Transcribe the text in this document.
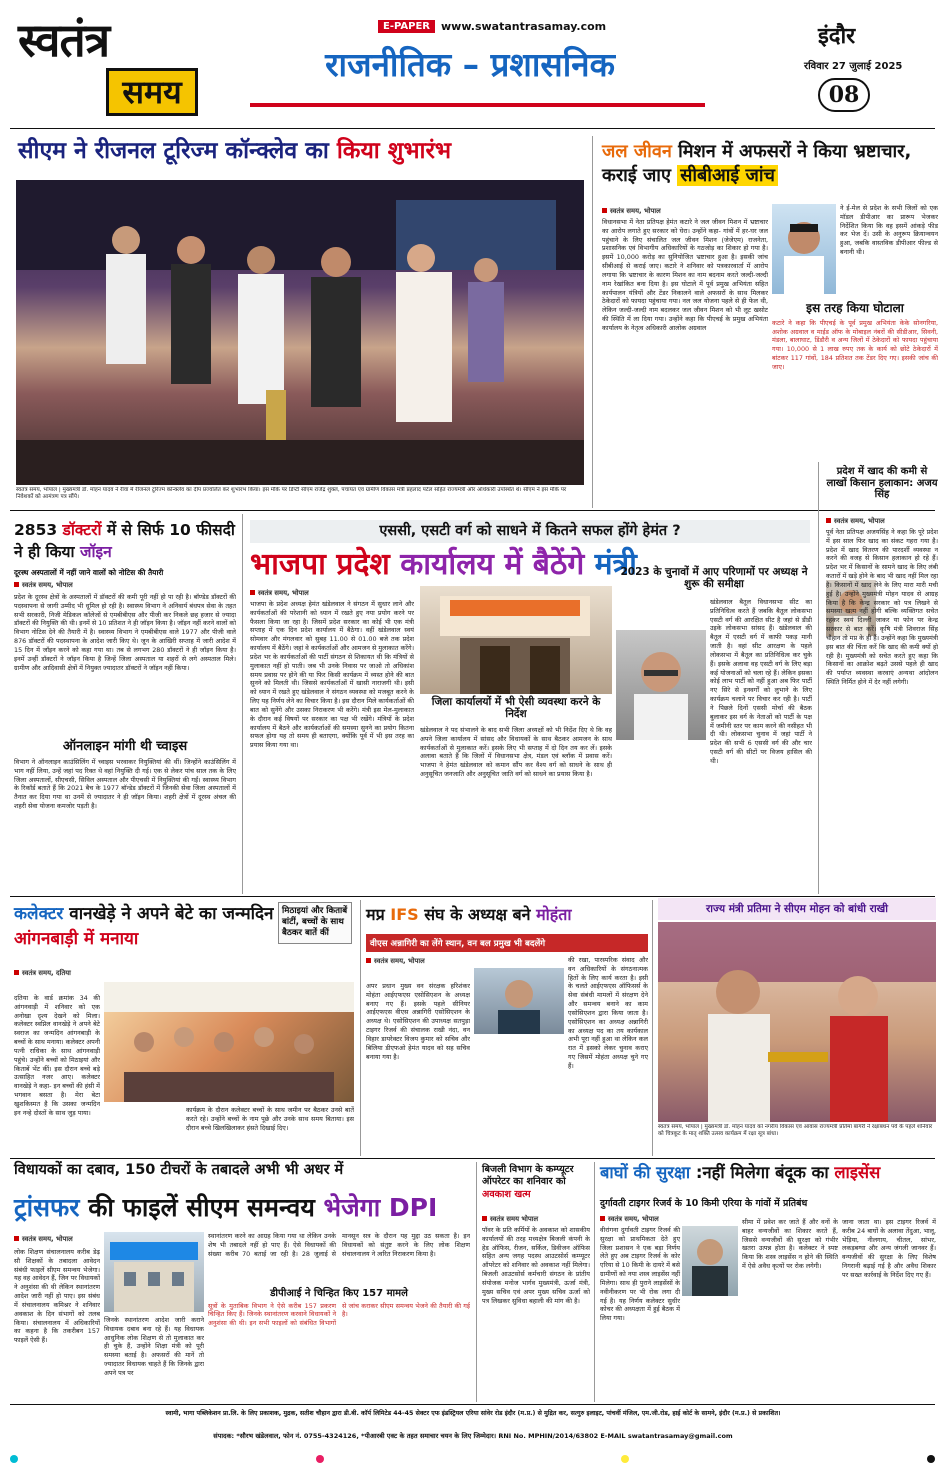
स्वतंत्र
समय
E-PAPER	www.swatantrasamay.com
राजनीतिक – प्रशासनिक
इंदौर
रविवार 27 जुलाई 2025
08
सीएम ने रीजनल टूरिज्म कॉन्क्लेव का किया शुभारंभ
स्वतंत्र समय, भोपाल | मुख्यमंत्री डॉ. मोहन यादव ने रीवा में रीजनल टूरिज्म कॉन्क्लेव का दीप प्रज्वलित कर शुभारंभ किया। इस मौके पर डिप्टी सीएम राजेंद्र शुक्ल, पंचायत एवं ग्रामीण विकास मंत्री प्रहलाद पटेल सहित राज्यमंत्री और अधिकारी उपस्थित थे। सीएम ने इस मौके पर निवेशकों को आमंत्रण पत्र सौंपे।
जल जीवन मिशन में अफसरों ने किया भ्रष्टाचार, कराई जाए सीबीआई जांच
स्वतंत्र समय, भोपाल
विधानसभा में नेता प्रतिपक्ष हेमंत कटारे ने जल जीवन मिशन में भ्रष्टाचार का आरोप लगाते हुए सरकार को घेरा। उन्होंने कहा- गांवों में हर-घर जल पहुंचाने के लिए संचालित जल जीवन मिशन (जेजेएम) राजनेता, प्रशासनिक एवं विभागीय अधिकारियों के गठजोड़ का शिकार हो गया है। इसमें 10,000 करोड़ का सुनियोजित भ्रष्टाचार हुआ है। इसकी जांच सीबीआई से कराई जाए। कटारे ने शनिवार को पत्रकारवार्ता में आरोप लगाया कि भ्रष्टाचार के कारण मिशन का नाम बदनाम करते जल्दी-जल्दी नाम रेखांकित बना दिया है। इस घोटाले में पूर्व प्रमुख अभियंता सहित कार्यपालन यंत्रियों और टेंडर निकालने वाले अफसरों के साथ मिलकर ठेकेदारों को फायदा पहुंचाया गया। नल जल योजना पहले से ही फेल थी, लेकिन जल्दी-जल्दी नाम बदलकर जल जीवन मिशन को भी लूट खसोट की स्थिति में ला दिया गया। उन्होंने कहा कि पीएचई के प्रमुख अभियंता कार्यालय के नेतृत्व अधिकारी आलोक अग्रवाल
ने ई-मेल से प्रदेश के सभी जिलों को एक मॉडल डीपीआर का प्रारूप भेजकर निर्देशित किया कि वह इसमें आंकड़े फीड कर भेज दें। उसी के अनुरूप क्रियान्वयन हुआ, जबकि वास्तविक डीपीआर फील्ड से बनानी थी।
इस तरह किया घोटाला
कटारे ने कहा कि पीएचई के पूर्व प्रमुख अभियंता केके सोनगरिया, अशोक अग्रवाल व माईड ऑफ के मोबाइल नंबरों की सीडीआर, सिवनी, मंडला, बालाघाट, डिंडौरी व अन्य जिलों में ठेकेदारों को फायदा पहुंचाया गया। 10,000 से 1 लाख रुपए तक के कार्य को छोटे ठेकेदारों में बांटकर 117 गांवों, 184 प्रतिशत तक टेंडर दिए गए। इसकी जांच की जाए।
2853 डॉक्टरों में से सिर्फ 10 फीसदी ने ही किया जॉइन
दूरस्थ अस्पतालों में नहीं जाने वालों को नोटिस की तैयारी
स्वतंत्र समय, भोपाल
प्रदेश के दूरस्थ क्षेत्रों के अस्पतालों में डॉक्टरों की कमी पूरी नहीं हो पा रही है। बॉण्डेड डॉक्टरों की पदस्थापना से जागी उम्मीद भी धूमिल हो रही है। स्वास्थ्य विभाग ने अनिवार्य बंधपत्र सेवा के तहत सभी सरकारी, निजी मेडिकल कॉलेजों से एमबीबीएस और पीजी कर निकले छह हजार से ज्यादा डॉक्टरों की नियुक्ति की थी। इनमें से 10 प्रतिशत ने ही जॉइन किया है। जॉइन नहीं करने वालों को विभाग नोटिस देने की तैयारी में है। स्वास्थ्य विभाग ने एमबीबीएस वाले 1977 और पीजी वाले 876 डॉक्टरों की पदस्थापना के आदेश जारी किए थे। जून के आखिरी सप्ताह में जारी आदेश में 15 दिन में जॉइन करने को कहा गया था। तब से लगभग 280 डॉक्टरों ने ही जॉइन किया है। इनमें उन्हीं डॉक्टरों ने जॉइन किया है जिन्हें जिला अस्पताल या शहरों से लगे अस्पताल मिले। ग्रामीण और आदिवासी क्षेत्रों में नियुक्त ज्यादातर डॉक्टरों ने जॉइन नहीं किया।
ऑनलाइन मांगी थी च्वाइस
विभाग ने ऑनलाइन काउंसिलिंग में च्वाइस भरवाकर नियुक्तियां की थीं। जिन्होंने काउंसिलिंग में भाग नहीं लिया, उन्हें जहां पद रिक्त थे वहां नियुक्ति दी गई। एक से लेकर पांच साल तक के लिए जिला अस्पतालों, सीएचसी, सिविल अस्पताल और पीएचसी में नियुक्तियां की गईं। स्वास्थ्य विभाग के रिकॉर्ड बताते हैं कि 2021 बैच के 1977 बॉन्डेड डॉक्टरों में जिनकी सेवा जिला अस्पतालों में तैनात कर दिया गया था उनमें से ज्यादातर ने ही जॉइन किया। शहरी क्षेत्रों में दूरस्थ अंचल की शहरी सेवा योजना कमजोर पड़ती है।
एससी, एसटी वर्ग को साधने में कितने सफल होंगे हेमंत ?
भाजपा प्रदेश कार्यालय में बैठेंगे मंत्री
स्वतंत्र समय, भोपाल
भाजपा के प्रदेश अध्यक्ष हेमंत खंडेलवाल ने संगठन में सुधार लाने और कार्यकर्ताओं की परेशानी को ध्यान में रखते हुए नया प्रयोग करने पर फैसला किया जा रहा है। जिसमें प्रदेश सरकार का कोई भी एक मंत्री सप्ताह में एक दिन प्रदेश कार्यालय में बैठेगा। वहीं खंडेलवाल स्वयं सोमवार और मंगलवार को सुबह 11.00 से 01.00 बजे तक प्रदेश कार्यालय में बैठेंगे। जहां वे कार्यकर्ताओं और आमजन से मुलाकात करेंगे। प्रदेश भर के कार्यकर्ताओं की पार्टी संगठन से शिकायत थी कि मंत्रियों से मुलाकात नहीं हो पाती। जब भी उनके निवास पर जाओ तो अधिकांश समय प्रवास पर होने की या फिर किसी कार्यक्रम में व्यस्त होने की बात सुनने को मिलती थी। जिससे कार्यकर्ताओं में खासी नाराजगी थी। इसी को ध्यान में रखते हुए खंडेलवाल ने संगठन व्यवस्था को मजबूत करने के लिए यह निर्णय लेने का विचार किया है। इस दौरान मिले कार्यकर्ताओं की बात को सुनेंगे और उसका निराकरण भी करेंगे। मंत्री इस मेल-मुलाकात के दौरान कई विषयों पर सरकार का पक्ष भी रखेंगे। मंत्रियों के प्रदेश कार्यालय में बैठने और कार्यकर्ताओं की समस्या सुनने का प्रयोग कितना सफल होगा यह तो समय ही बताएगा, क्योंकि पूर्व में भी इस तरह का प्रयास किया गया था।
जिला कार्यालयों में भी ऐसी व्यवस्था करने के निर्देश
खंडेलवाल ने पद संभालने के बाद सभी जिला अध्यक्षों को भी निर्देश दिए थे कि वह अपने जिला कार्यालय में सांसद और विधायकों के साथ बैठकर आमजन के साथ कार्यकर्ताओं से मुलाकात करें। इसके लिए भी सप्ताह में दो दिन तय कर लें। इसके अलावा बताते हैं कि जिलों में विधानसभा क्षेत्र, मंडल एवं ब्लॉक में प्रवास करें। भाजपा ने हेमंत खंडेलवाल को कमान सौंप कर वैश्य वर्ग को साधने के साथ ही अनुसूचित जनजाति और अनुसूचित जाति वर्ग को साधने का प्रयास किया है।
2023 के चुनावों में आए परिणामों पर अध्यक्ष ने शुरू की समीक्षा
खंडेलवाल बैतूल विधानसभा सीट का प्रतिनिधित्व करते हैं जबकि बैतूल लोकसभा एसटी वर्ग की आरक्षित सीट है जहां से डीडी उइके लोकसभा सांसद हैं। खंडेलवाल की बैतूल में एसटी वर्ग में काफी पकड़ मानी जाती है। वहां सीट आरक्षण के पहले लोकसभा में बैतूल का प्रतिनिधित्व कर चुके हैं। इसके अलावा वह एसटी वर्ग के लिए बड़ा कई योजनाओं को चला रहे हैं। लेकिन इसका कोई लाभ पार्टी को नहीं हुआ अब फिर पार्टी नए सिरे से इनवर्गों को लुभाने के लिए कार्यक्रम चलाने पर विचार कर रही है। पार्टी ने पिछले दिनों एससी मोर्चा की बैठक बुलाकर इस वर्ग के नेताओं को पार्टी के पक्ष में जमीनी स्तर पर काम करने की नसीहत भी दी थी। लोकसभा चुनाव में जहां पार्टी ने प्रदेश की सभी 6 एससी वर्ग की और चार एसटी वर्ग की सीटों पर विजय हासिल की थी।
प्रदेश में खाद की कमी से लाखों किसान हलाकान: अजय सिंह
स्वतंत्र समय, भोपाल
पूर्व नेता प्रतिपक्ष अजयसिंह ने कहा कि पूरे प्रदेश में इस साल फिर खाद का संकट गहरा गया है। प्रदेश में खाद वितरण की पारदर्शी व्यवस्था न करने की वजह से किसान हलाकान हो रहे हैं। प्रदेश भर में किसानों के सामने खाद के लिए लंबी कतारों में खड़े होने के बाद भी खाद नहीं मिल रहा है। किसानों में खाद लेने के लिए मारा मारी मची हुई है। उन्होंने मुख्यमंत्री मोहन यादव से आग्रह किया है कि केन्द्र सरकार को पत्र लिखने से समस्या खत्म नहीं होगी बल्कि व्यक्तिगत सचेत रहकर स्वयं दिल्ली जाकर या फोन पर केन्द्र सरकार से बात करें। कृषि मंत्री शिवराज सिंह चौहान तो मप्र के ही हैं। उन्होंने कहा कि मुख्यमंत्री इस बात की चिंता करें कि खाद की कमी क्यों हो रही है। मुख्यमंत्री को सचेत करते हुए कहा कि किसानों का आक्रोश बढ़ते उससे पहले ही खाद की पर्याप्त व्यवस्था करवाएं अन्यथा आंदोलन स्थिति निर्मित होने में देर नहीं लगेगी।
कलेक्टर वानखेड़े ने अपने बेटे का जन्मदिन आंगनबाड़ी में मनाया
मिठाइयां और किताबें बांटीं, बच्चों के साथ बैठकर बातें कीं
स्वतंत्र समय, दतिया
दतिया के वार्ड क्रमांक 34 की आंगनवाड़ी में शनिवार को एक अनोखा दृश्य देखने को मिला। कलेक्टर स्वप्निल वानखेड़े ने अपने बेटे स्वराज का जन्मदिन आंगनबाड़ी के बच्चों के साथ मनाया। कलेक्टर अपनी पत्नी राधिका के साथ आंगनवाड़ी पहुंचे। उन्होंने बच्चों को मिठाइयां और किताबें भेंट कीं। इस दौरान बच्चे बड़े उत्साहित नजर आए। कलेक्टर वानखेड़े ने कहा- इन बच्चों की हंसी में भगवान बसता है। मेरा बेटा खुशकिस्मत है कि उसका जन्मदिन इन नन्हे दोस्तों के साथ जुड़ पाया।	कार्यक्रम के दौरान कलेक्टर बच्चों के साथ जमीन पर बैठकर उनसे बातें करते रहे। उन्होंने बच्चों के नाम पूछे और उनके साथ समय बिताया। इस दौरान बच्चे खिलखिलाकर हंसते दिखाई दिए।
मप्र IFS संघ के अध्यक्ष बने मोहंता
वीएस अन्नागिरी का लेंगे स्थान, वन बल प्रमुख भी बदलेंगे
स्वतंत्र समय, भोपाल
अपर प्रधान मुख्य वन संरक्षक हरिशंकर मोहंता आईएफएस एसोसिएशन के अध्यक्ष बनाए गए हैं। इसके पहले सीनियर आईएफएस वीएस अन्नागिरी एसोसिएशन के अध्यक्ष थे। एसोसिएशन की उपाध्यक्ष सतपुड़ा टाइगर रिजर्व की संचालक राखी नंदा, वन विहार डायरेक्टर विजय कुमार को सचिव और बिलिया डीएफओ हेमंत यादव को सह सचिव बनाया गया है।
की रखा, पारस्परिक संवाद और वन अधिकारियों के संगठनात्मक हितों के लिए कार्य करता है। इसी के चलते आईएफएस ऑफिसर्स के सेवा संबंधी मामलों में संरक्षण देने और समन्वय बनाने का काम एसोसिएशन द्वारा किया जाता है। एसोसिएशन का अध्यक्ष अन्नागिरी का अध्यक्ष पद का तय कार्यकाल अभी पूरा नहीं हुआ था लेकिन कल रात में इसको लेकर चुनाव कराए गए जिसमें मोहंता अध्यक्ष चुने गए हैं।
राज्य मंत्री प्रतिमा ने सीएम मोहन को बांधी राखी
स्वतंत्र समय, भोपाल | मुख्यमंत्री डॉ. मोहन यादव को नगरीय विकास एवं आवास राज्यमंत्री प्रतिमा बागरी ने रक्षाबंधन पर्व के पहले शनिवार को चित्रकूट के मातृ शक्ति उत्सव कार्यक्रम में रक्षा सूत्र बांधा।
विधायकों का दबाव, 150 टीचरों के तबादले अभी भी अधर में
ट्रांसफर की फाइलें सीएम समन्वय भेजेगा DPI
स्वतंत्र समय, भोपाल
लोक शिक्षण संचालनालय करीब डेढ़ सौ शिक्षकों के तबादला आवेदन संबंधी फाइलें सीएम समन्वय भेजेगा। यह वह आवेदन हैं, जिन पर विधायकों ने अनुशंसा की थी लेकिन स्थानांतरण आदेश जारी नहीं हो पाए। इस संबंध में संचालनालय कमिश्नर ने शनिवार अवकाश के दिन संभागों को तलब किया। संचालनालय में अधिकारियों का कहना है कि तकरीबन 157 फाइलें ऐसी हैं।
जिनके स्थानांतरण आदेश जारी कराने विधायक दबाव बना रहे हैं। यह विधायक आधुनिक लोक शिक्षण से तो मुलाकात कर ही चुके हैं, उन्होंने शिक्षा मंत्री को पूरी समस्या बताई है। अफसरों की मानें तो ज्यादातर विधायक चाहते हैं कि जिनके द्वारा अपने पत्र पर
स्थानांतरण करने का आग्रह किया गया था लेकिन उनके शेष भी तबादले नहीं हो पाए हैं। ऐसे विधायकों की संख्या करीब 70 बताई जा रही है। 28 जुलाई से मानसून सत्र के दौरान यह मुद्दा उठ सकता है। इन विधायकों को संतुष्ट करने के लिए लोक शिक्षण संचालनालय ने त्वरित निराकरण किया है।
डीपीआई ने चिन्हित किए 157 मामले
सूत्रों के मुताबिक विभाग ने ऐसे करीब 157 प्रकरण चिन्हित किए हैं। जिनके स्थानांतरण करवाने विधायकों ने अनुशंसा की थी। इन सभी फाइलों को संबंधित विभागों से जांच कराकर सीएम समन्वय भेजने की तैयारी की गई है।
बिजली विभाग के कम्प्यूटर ऑपरेटर का शनिवार को अवकाश खत्म
स्वतंत्र समय भोपाल
पॉवर के प्रति कर्मियों के अवकाश को शासकीय कार्यालयों की तरह मध्यक्षेत्र बिजली कंपनी के हेड ऑफिस, रीजन, सर्किल, डिवीजन ऑफिस सहित अन्य जगह पदस्थ आउटसोर्स कम्प्यूटर ऑपरेटर को शनिवार को अवकाश नहीं मिलेगा। बिजली आउटसोर्स कर्मचारी संगठन के प्रांतीय संयोजक मनोज भार्गव मुख्यमंत्री, ऊर्जा मंत्री, मुख्य सचिव एवं अपर मुख्य सचिव ऊर्जा को पत्र लिखकर सुविधा बहाली की मांग की है।
बाघों की सुरक्षा :नहीं मिलेगा बंदूक का लाइसेंस
दुर्गावती टाइगर रिजर्व के 10 किमी एरिया के गांवों में प्रतिबंध
स्वतंत्र समय, भोपाल
वीरांगना दुर्गावती टाइगर रिजर्व की सुरक्षा को प्राथमिकता देते हुए जिला प्रशासन ने एक बड़ा निर्णय लेते हुए अब टाइगर रिजर्व के कोर एरिया से 10 किमी के दायरे में बसे ग्रामीणों को नया शस्त्र लाइसेंस नहीं मिलेगा। साथ ही पुराने लाइसेंसों के नवीनीकरण पर भी रोक लगा दी गई है। यह निर्णय कलेक्टर सुधीर कोचर की अध्यक्षता में हुई बैठक में लिया गया।
सीमा में प्रवेश कर जाते हैं और वनों के बाहर वन्यजीवों का शिकार करते हैं, जिससे वन्यजीवों की सुरक्षा को गंभीर खतरा उत्पन्न होता है। कलेक्टर ने स्पष्ट किया कि शस्त्र लाइसेंस न होने की स्थिति में ऐसे अवैध कृत्यों पर रोक लगेगी।
जाना जाता था। इस टाइगर रिजर्व में करीब 24 बाघों के अलावा तेंदुआ, भालू, भेड़िया, नीलगाय, चीतल, सांभर, लकड़बग्घा और अन्य जंगली जानवर हैं। वन्यजीवों की सुरक्षा के लिए विशेष निगरानी बढ़ाई गई है और अवैध शिकार पर सख्त कार्रवाई के निर्देश दिए गए हैं।
स्वामी, भागा पब्लिकेशन प्रा.लि. के लिए प्रकाशक, मुद्रक, सतीश चौहान द्वारा डी.बी. कॉर्प लिमिटेड 44-45 सेक्टर एफ इंडस्ट्रियल एरिया सांवेर रोड इंदौर (म.प्र.) से मुद्रित कर, सत्गुरु इलाइट, पांचवीं मंजिल, एम.जी.रोड, हाई कोर्ट के सामने, इंदौर (म.प्र.) से प्रकाशित।
संपादक: *सौरभ खंडेलवाल, फोन नं. 0755-4324126, *पीआरबी एक्ट के तहत समाचार चयन के लिए जिम्मेदार। RNI No. MPHIN/2014/63802 E-MAIL swatantrasamay@gmail.com
